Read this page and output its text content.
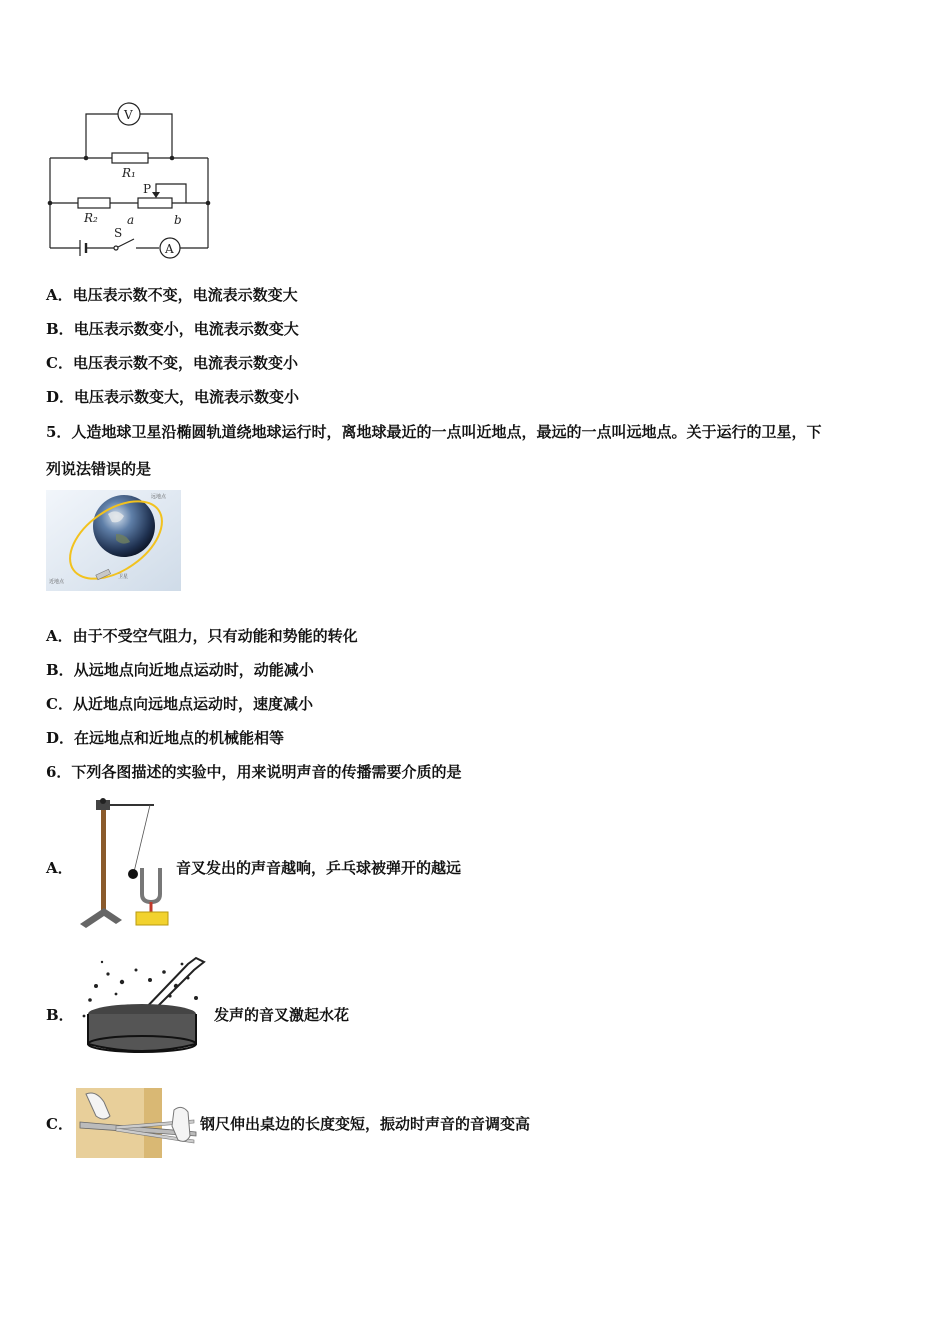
V
A
R₁
R₂
P
a	b
S
A．电压表示数不变，电流表示数变大
B．电压表示数变小，电流表示数变大
C．电压表示数不变，电流表示数变小
D．电压表示数变大，电流表示数变小
5．人造地球卫星沿椭圆轨道绕地球运行时，离地球最近的一点叫近地点，最远的一点叫远地点。关于运行的卫星，下
列说法错误的是
远地点
近地点
卫星
A．由于不受空气阻力，只有动能和势能的转化
B．从远地点向近地点运动时，动能减小
C．从近地点向远地点运动时，速度减小
D．在远地点和近地点的机械能相等
6．下列各图描述的实验中，用来说明声音的传播需要介质的是
A．	音叉发出的声音越响，乒乓球被弹开的越远
B．	发声的音叉激起水花
C．	钢尺伸出桌边的长度变短，振动时声音的音调变高
